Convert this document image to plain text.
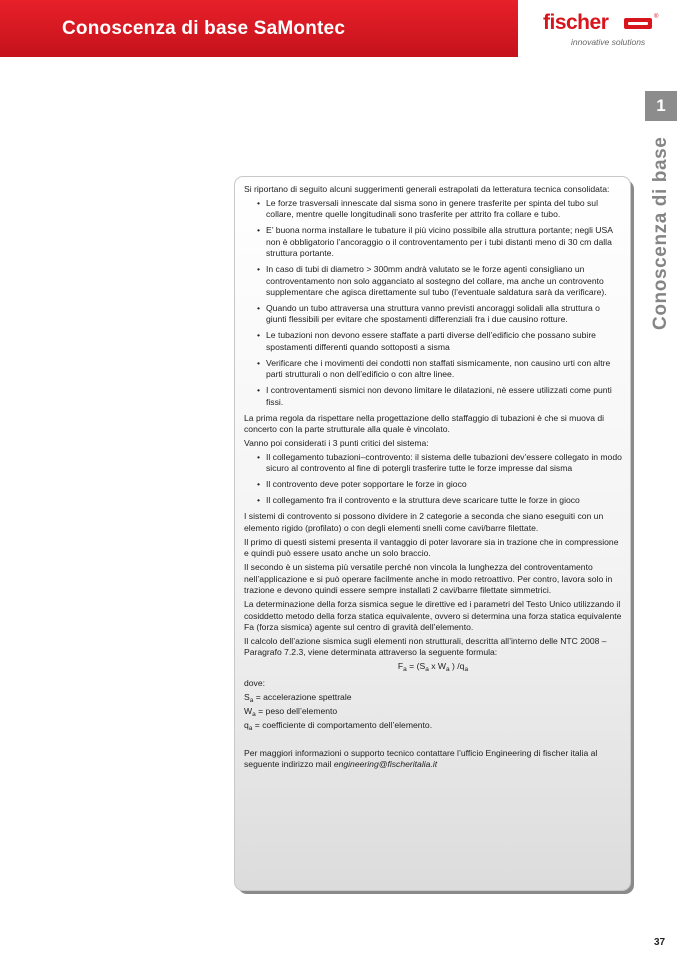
Conoscenza di base SaMontec	fischer	®
innovative solutions
1
Conoscenza di base

Si riportano di seguito alcuni suggerimenti generali estrapolati da letteratura tecnica consolidata:

• Le forze trasversali innescate dal sisma sono in genere trasferite per spinta del tubo sul collare, mentre quelle longitudinali sono trasferite per attrito fra collare e tubo.
• E’ buona norma installare le tubature il più vicino possibile alla struttura portante; negli USA non è obbligatorio l’ancoraggio o il controventamento per i tubi distanti meno di 30 cm dalla struttura portante.
• In caso di tubi di diametro > 300mm andrà valutato se le forze agenti consigliano un controventamento non solo agganciato al sostegno del collare, ma anche un controvento supplementare che agisca direttamente sul tubo (l’eventuale saldatura sarà da verificare).
• Quando un tubo attraversa una struttura vanno previsti ancoraggi solidali alla struttura o giunti flessibili per evitare che spostamenti differenziali fra i due causino rotture.
• Le tubazioni non devono essere staffate a parti diverse dell’edificio che possano subire spostamenti differenti quando sottoposti a sisma
• Verificare che i movimenti dei condotti non staffati sismicamente, non causino urti con altre parti strutturali o non dell’edificio o con altre linee.
• I controventamenti sismici non devono limitare le dilatazioni, nè essere utilizzati come punti fissi.

La prima regola da rispettare nella progettazione dello staffaggio di tubazioni è che si muova di concerto con la parte strutturale alla quale è vincolato.

Vanno poi considerati i 3 punti critici del sistema:

• Il collegamento tubazioni–controvento: il sistema delle tubazioni dev’essere collegato in modo sicuro al controvento al fine di potergli trasferire tutte le forze impresse dal sisma
• Il controvento deve poter sopportare le forze in gioco
• Il collegamento fra il controvento e la struttura deve scaricare tutte le forze in gioco

I sistemi di controvento si possono dividere in 2 categorie a seconda che siano eseguiti con un elemento rigido (profilato) o con degli elementi snelli come cavi/barre filettate.

Il primo di questi sistemi presenta il vantaggio di poter lavorare sia in trazione che in compressione e quindi può essere usato anche un solo braccio.

Il secondo è un sistema più versatile perché non vincola la lunghezza del controventamento nell’applicazione e si può operare facilmente anche in modo retroattivo. Per contro, lavora solo in trazione e devono quindi essere sempre installati 2 cavi/barre filettate simmetrici.

La determinazione della forza sismica segue le direttive ed i parametri del Testo Unico utilizzando il cosiddetto metodo della forza statica equivalente, ovvero si determina una forza statica equivalente Fa (forza sismica) agente sul centro di gravità dell’elemento.

Il calcolo dell’azione sismica sugli elementi non strutturali, descritta all’interno delle NTC 2008 – Paragrafo 7.2.3, viene determinata attraverso la seguente formula:

$F_a = (S_a$ x $W_a$ ) $/q_a$

dove:

$S_a$ = accelerazione spettrale

$W_a$ = peso dell’elemento

$q_a$ = coefficiente di comportamento dell’elemento.

Per maggiori informazioni o supporto tecnico contattare l’ufficio Engineering di fischer italia al seguente indirizzo mail engineering@fischeritalia.it

37
